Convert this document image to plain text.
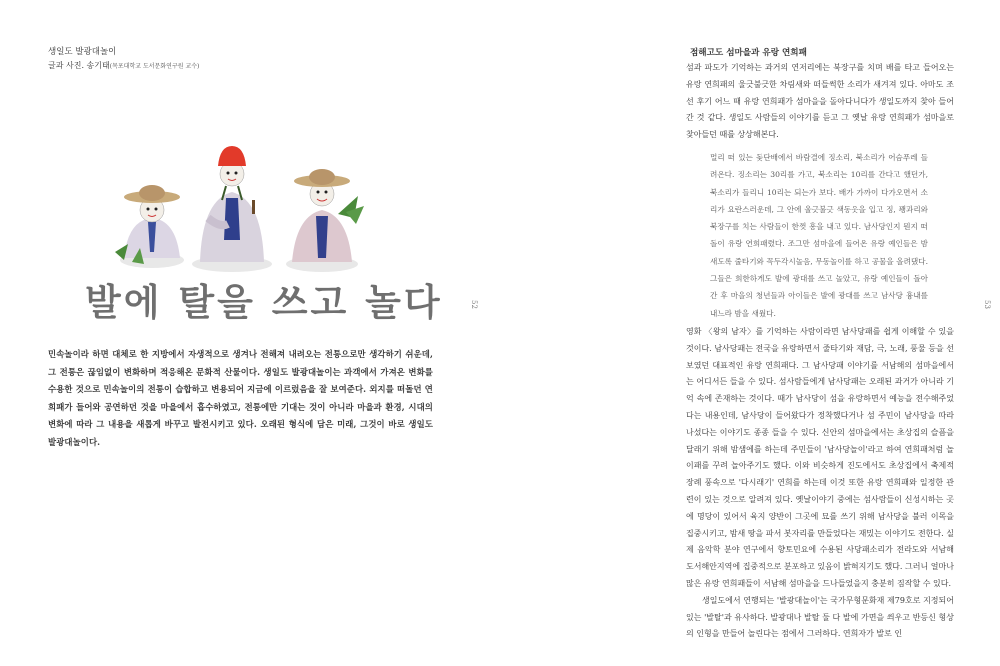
생일도 발광대놀이
글과 사진. 송기태(목포대학교 도서문화연구원 교수)
발에 탈을 쓰고 놀다

민속놀이라 하면 대체로 한 지방에서 자생적으로 생겨나 전해져 내려오는 전통으로만 생각하기 쉬운데, 그 전통은 끊임없이 변화하며 적응해온 문화적 산물이다. 생일도 발광대놀이는 과객에서 가져온 변화를 수용한 것으로 민속놀이의 전통이 습합하고 변용되어 지금에 이르렀음을 잘 보여준다. 외지를 떠돌던 연희패가 들어와 공연하던 것을 마을에서 흡수하였고, 전통에만 기대는 것이 아니라 마을과 환경, 시대의 변화에 따라 그 내용을 새롭게 바꾸고 발전시키고 있다. 오래된 형식에 담은 미래, 그것이 바로 생일도 발광대놀이다.

52
점해고도 섬마을과 유랑 연희패

섬과 파도가 기억하는 과거의 연저리에는 북장구를 치며 배를 타고 들어오는 유랑 연희패의 울긋불긋한 차림새와 떠들썩한 소리가 새겨져 있다. 아마도 조선 후기 어느 때 유랑 연희패가 섬마을을 돌아다니다가 생일도까지 찾아 들어간 것 같다. 생일도 사람들의 이야기를 듣고 그 옛날 유랑 연희패가 섬마을로 찾아들던 때를 상상해본다.

멀리 떠 있는 돛단배에서 바람결에 징소리, 북소리가 어슴푸레 들려온다. 징소리는 30리를 가고, 북소리는 10리를 간다고 했던가, 북소리가 들리니 10리는 되는가 보다. 배가 가까이 다가오면서 소리가 요란스러운데, 그 안에 울긋불긋 색동옷을 입고 징, 꽹과리와 북장구를 치는 사람들이 한껏 흥을 내고 있다. 남사당인지 뭔지 떠돌이 유랑 연희패렸다. 조그만 섬마을에 들어온 유랑 예인들은 밤새도록 줄타기와 꼭두각시놀음, 무동놀이를 하고 공물을 올려댔다. 그들은 희한하게도 발에 광대를 쓰고 놀았고, 유랑 예인들이 돌아간 후 마을의 청년들과 아이들은 발에 광대를 쓰고 남사당 흉내를 내느라 밤을 새웠다.

영화 〈왕의 남자〉를 기억하는 사람이라면 남사당패를 쉽게 이해할 수 있을 것이다. 남사당패는 전국을 유랑하면서 줄타기와 재담, 극, 노래, 풍물 등을 선보였던 대표적인 유랑 연희패다. 그 남사당패 이야기를 서남해의 섬마을에서는 어디서든 들을 수 있다. 섬사람들에게 남사당패는 오래된 과거가 아니라 기억 속에 존재하는 것이다. 때가 남사당이 섬을 유랑하면서 예능을 전수해주었다는 내용인데, 남사당이 들어왔다가 정착했다거나 섬 주민이 남사당을 따라나섰다는 이야기도 종종 들을 수 있다. 신안의 섬마을에서는 초상집의 슬픔을 달래기 위해 밤샘에를 하는데 주민들이 '남사당놀이'라고 하여 연희패처럼 놀이패를 꾸려 놀아주기도 했다. 이와 비슷하게 진도에서도 초상집에서 축제적 장례 풍속으로 '다시래기' 연희를 하는데 이것 또한 유랑 연희패와 일정한 관련이 있는 것으로 알려져 있다. 옛날이야기 중에는 섬사람들이 신성시하는 곳에 명당이 있어서 육지 양반이 그곳에 묘를 쓰기 위해 남사당을 불러 이목을 집중시키고, 밤새 땅을 파서 봇자리를 만들었다는 재밌는 이야기도 전한다. 실제 음악학 분야 연구에서 향토민요에 수용된 사당패소리가 전라도와 서남해 도서해안지역에 집중적으로 분포하고 있음이 밝혀지기도 했다. 그러니 얼마나 많은 유랑 연희패들이 서남해 섬마을을 드나들었을지 충분히 짐작할 수 있다.

생일도에서 연행되는 '발광대놀이'는 국가무형문화재 제79호로 지정되어 있는 '발탈'과 유사하다. 발광대나 발탈 둘 다 발에 가면을 씌우고 반등신 형상의 인형을 만들어 놀린다는 점에서 그러하다. 연희자가 발로 인

53
